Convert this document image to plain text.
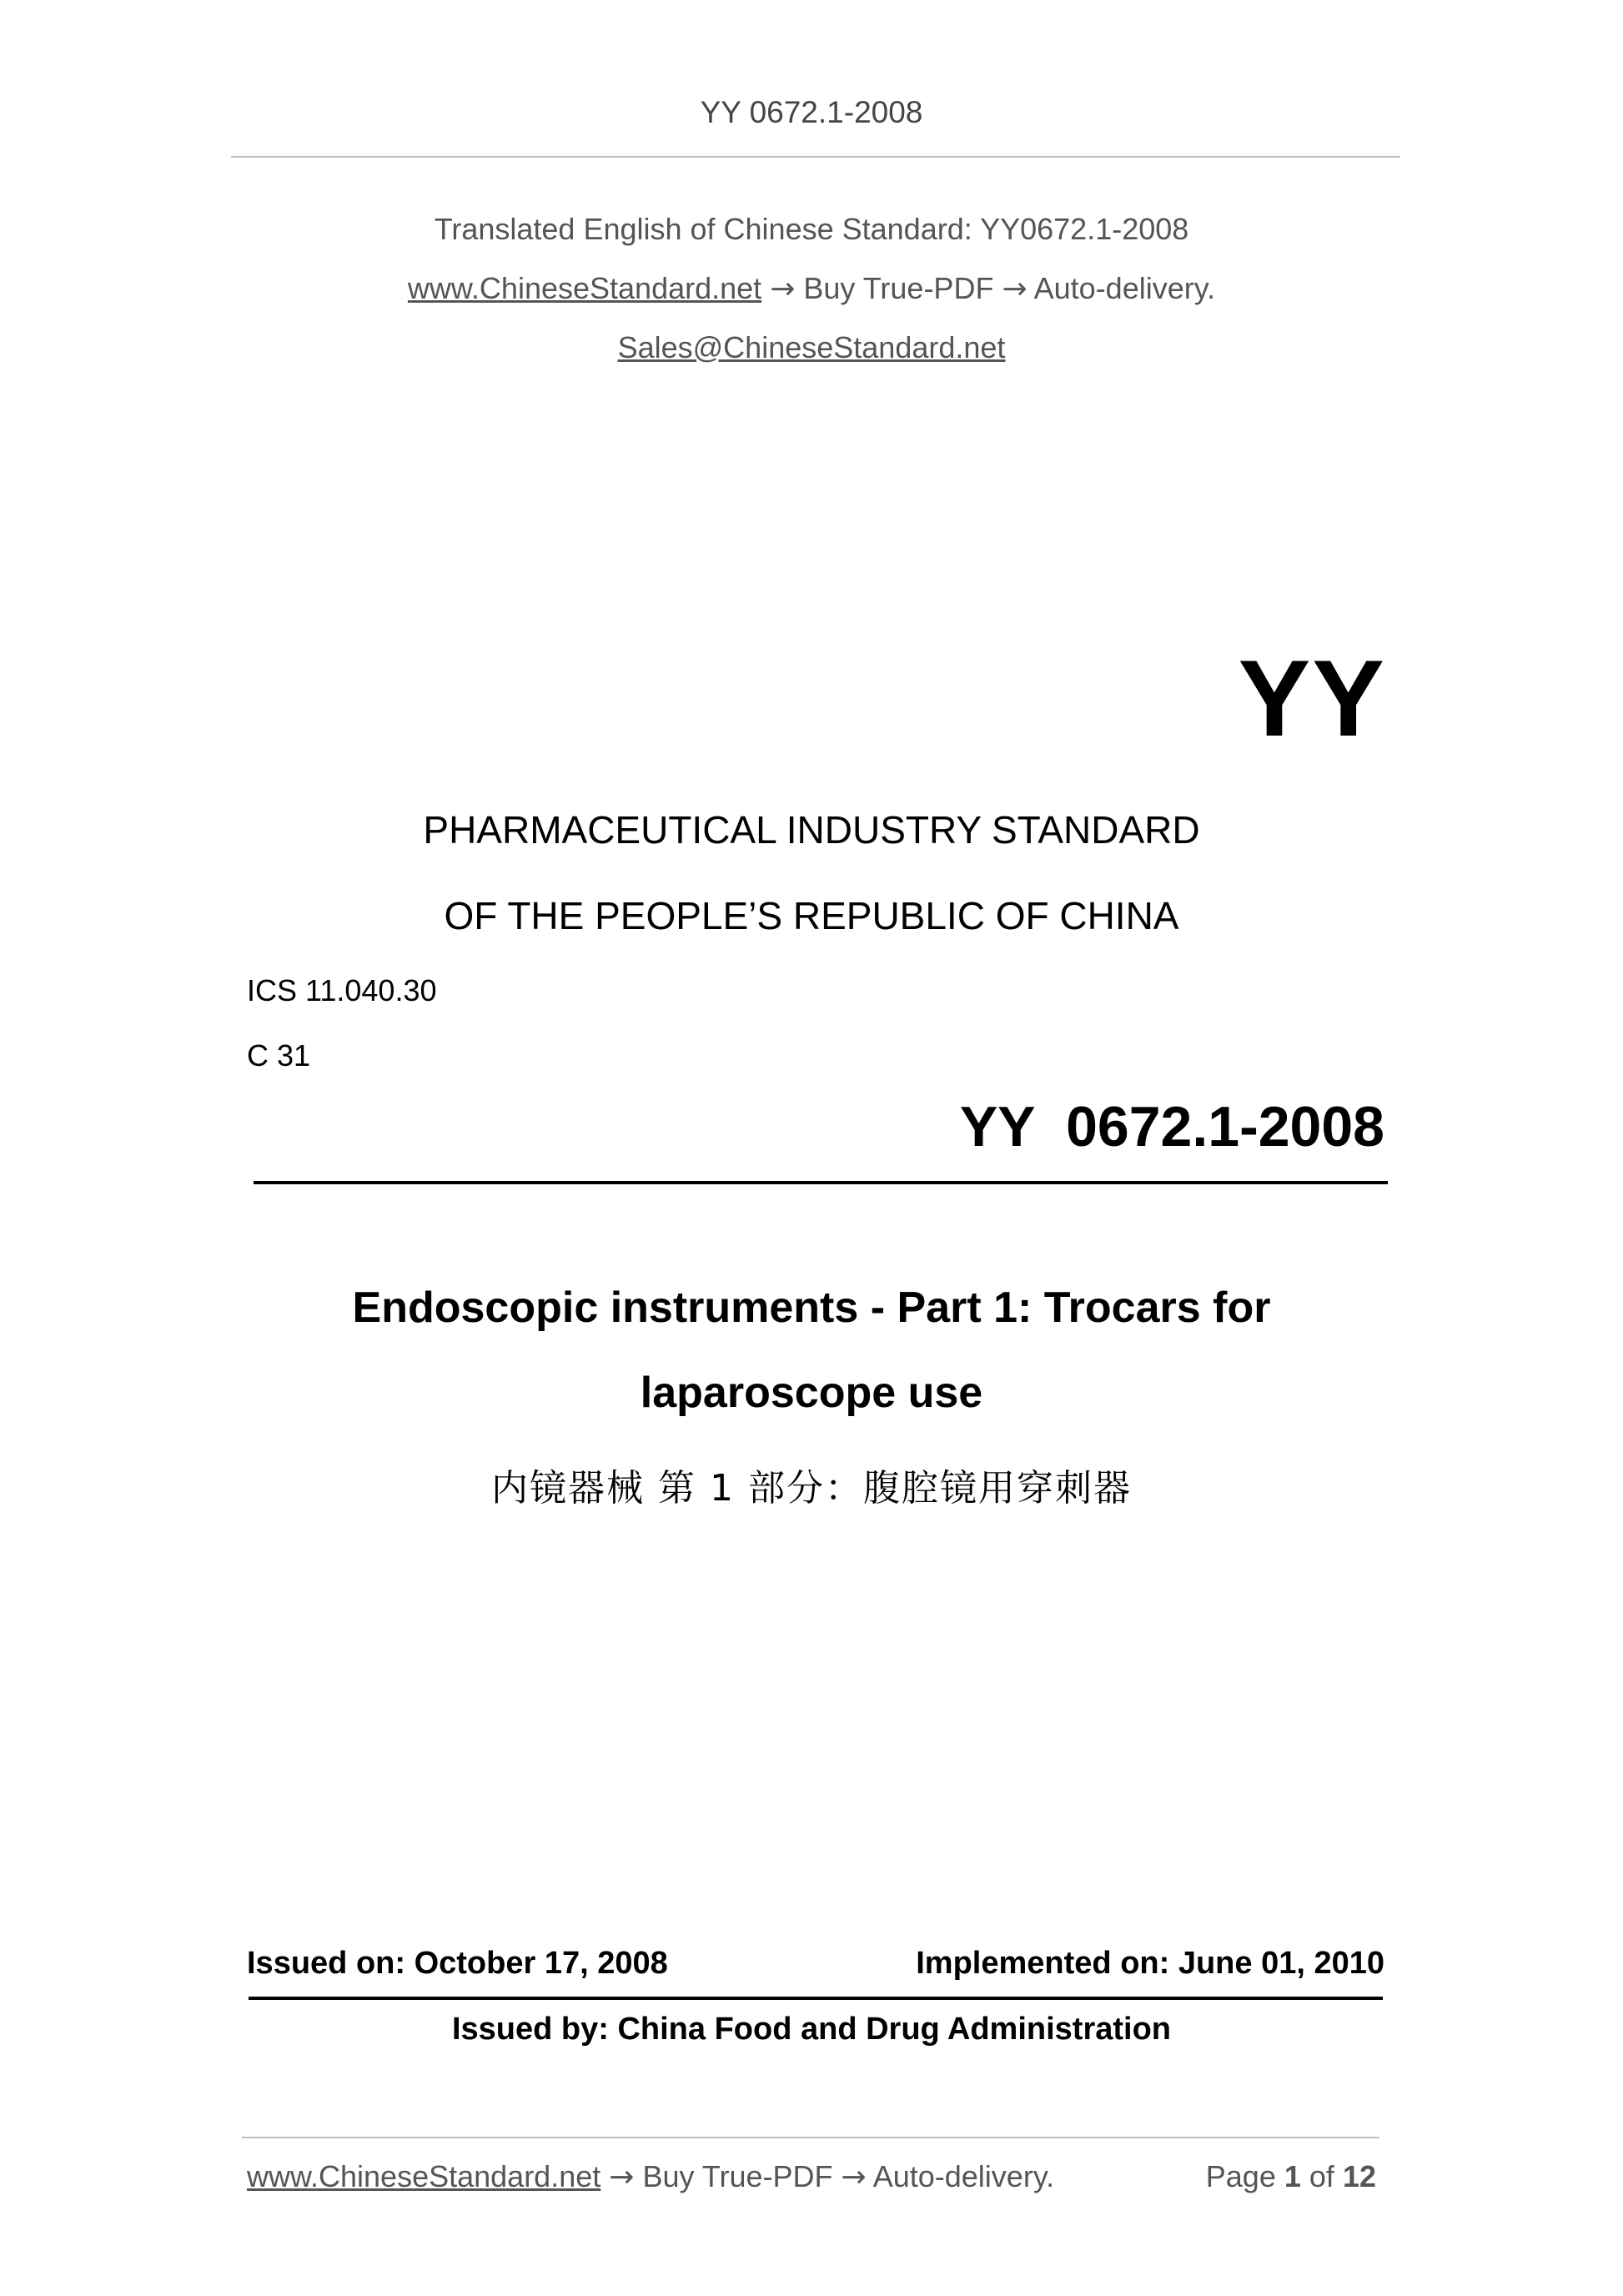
YY 0672.1-2008
Translated English of Chinese Standard: YY0672.1-2008
www.ChineseStandard.net → Buy True-PDF → Auto-delivery.
Sales@ChineseStandard.net
YY
PHARMACEUTICAL INDUSTRY STANDARD
OF THE PEOPLE’S REPUBLIC OF CHINA
ICS 11.040.30
C 31
YY  0672.1-2008
Endoscopic instruments - Part 1: Trocars for
laparoscope use
内镜器械 第 1 部分：腹腔镜用穿刺器
Issued on: October 17, 2008	Implemented on: June 01, 2010
Issued by: China Food and Drug Administration
www.ChineseStandard.net → Buy True-PDF → Auto-delivery.	Page 1 of 12
